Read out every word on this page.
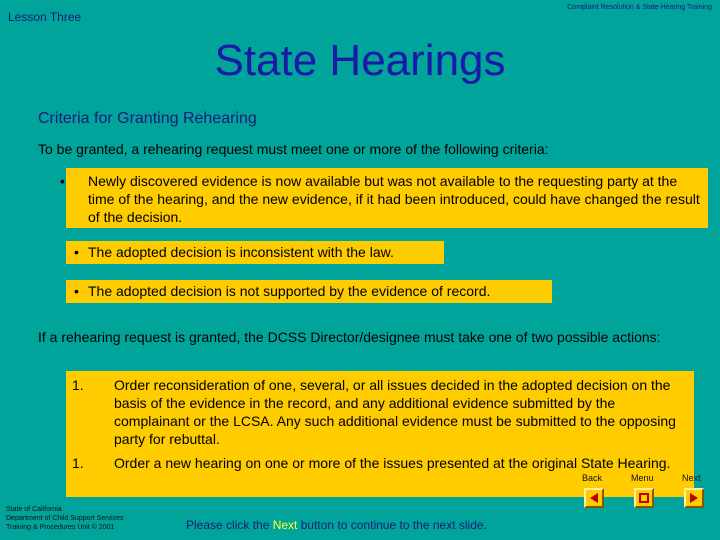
Lesson Three
Complaint Resolution & State Hearing Training
State Hearings
Criteria for Granting Rehearing
To be granted, a rehearing request must meet one or more of the following criteria:
• Newly discovered evidence is now available but was not available to the requesting party at the time of the hearing, and the new evidence, if it had been introduced, could have changed the result of the decision.
• The adopted decision is inconsistent with the law.
• The adopted decision is not supported by the evidence of record.
If a rehearing request is granted, the DCSS Director/designee must take one of two possible actions:
1.	Order reconsideration of one, several, or all issues decided in the adopted decision on the basis of the evidence in the record, and any additional evidence submitted by the complainant or the LCSA. Any such additional evidence must be submitted to the opposing party for rebuttal.
1.	Order a new hearing on one or more of the issues presented at the original State Hearing.
State of California
Department of Child Support Services
Training & Procedures Unit © 2001	Please click the Next button to continue to the next slide.
Back	Menu	Next
